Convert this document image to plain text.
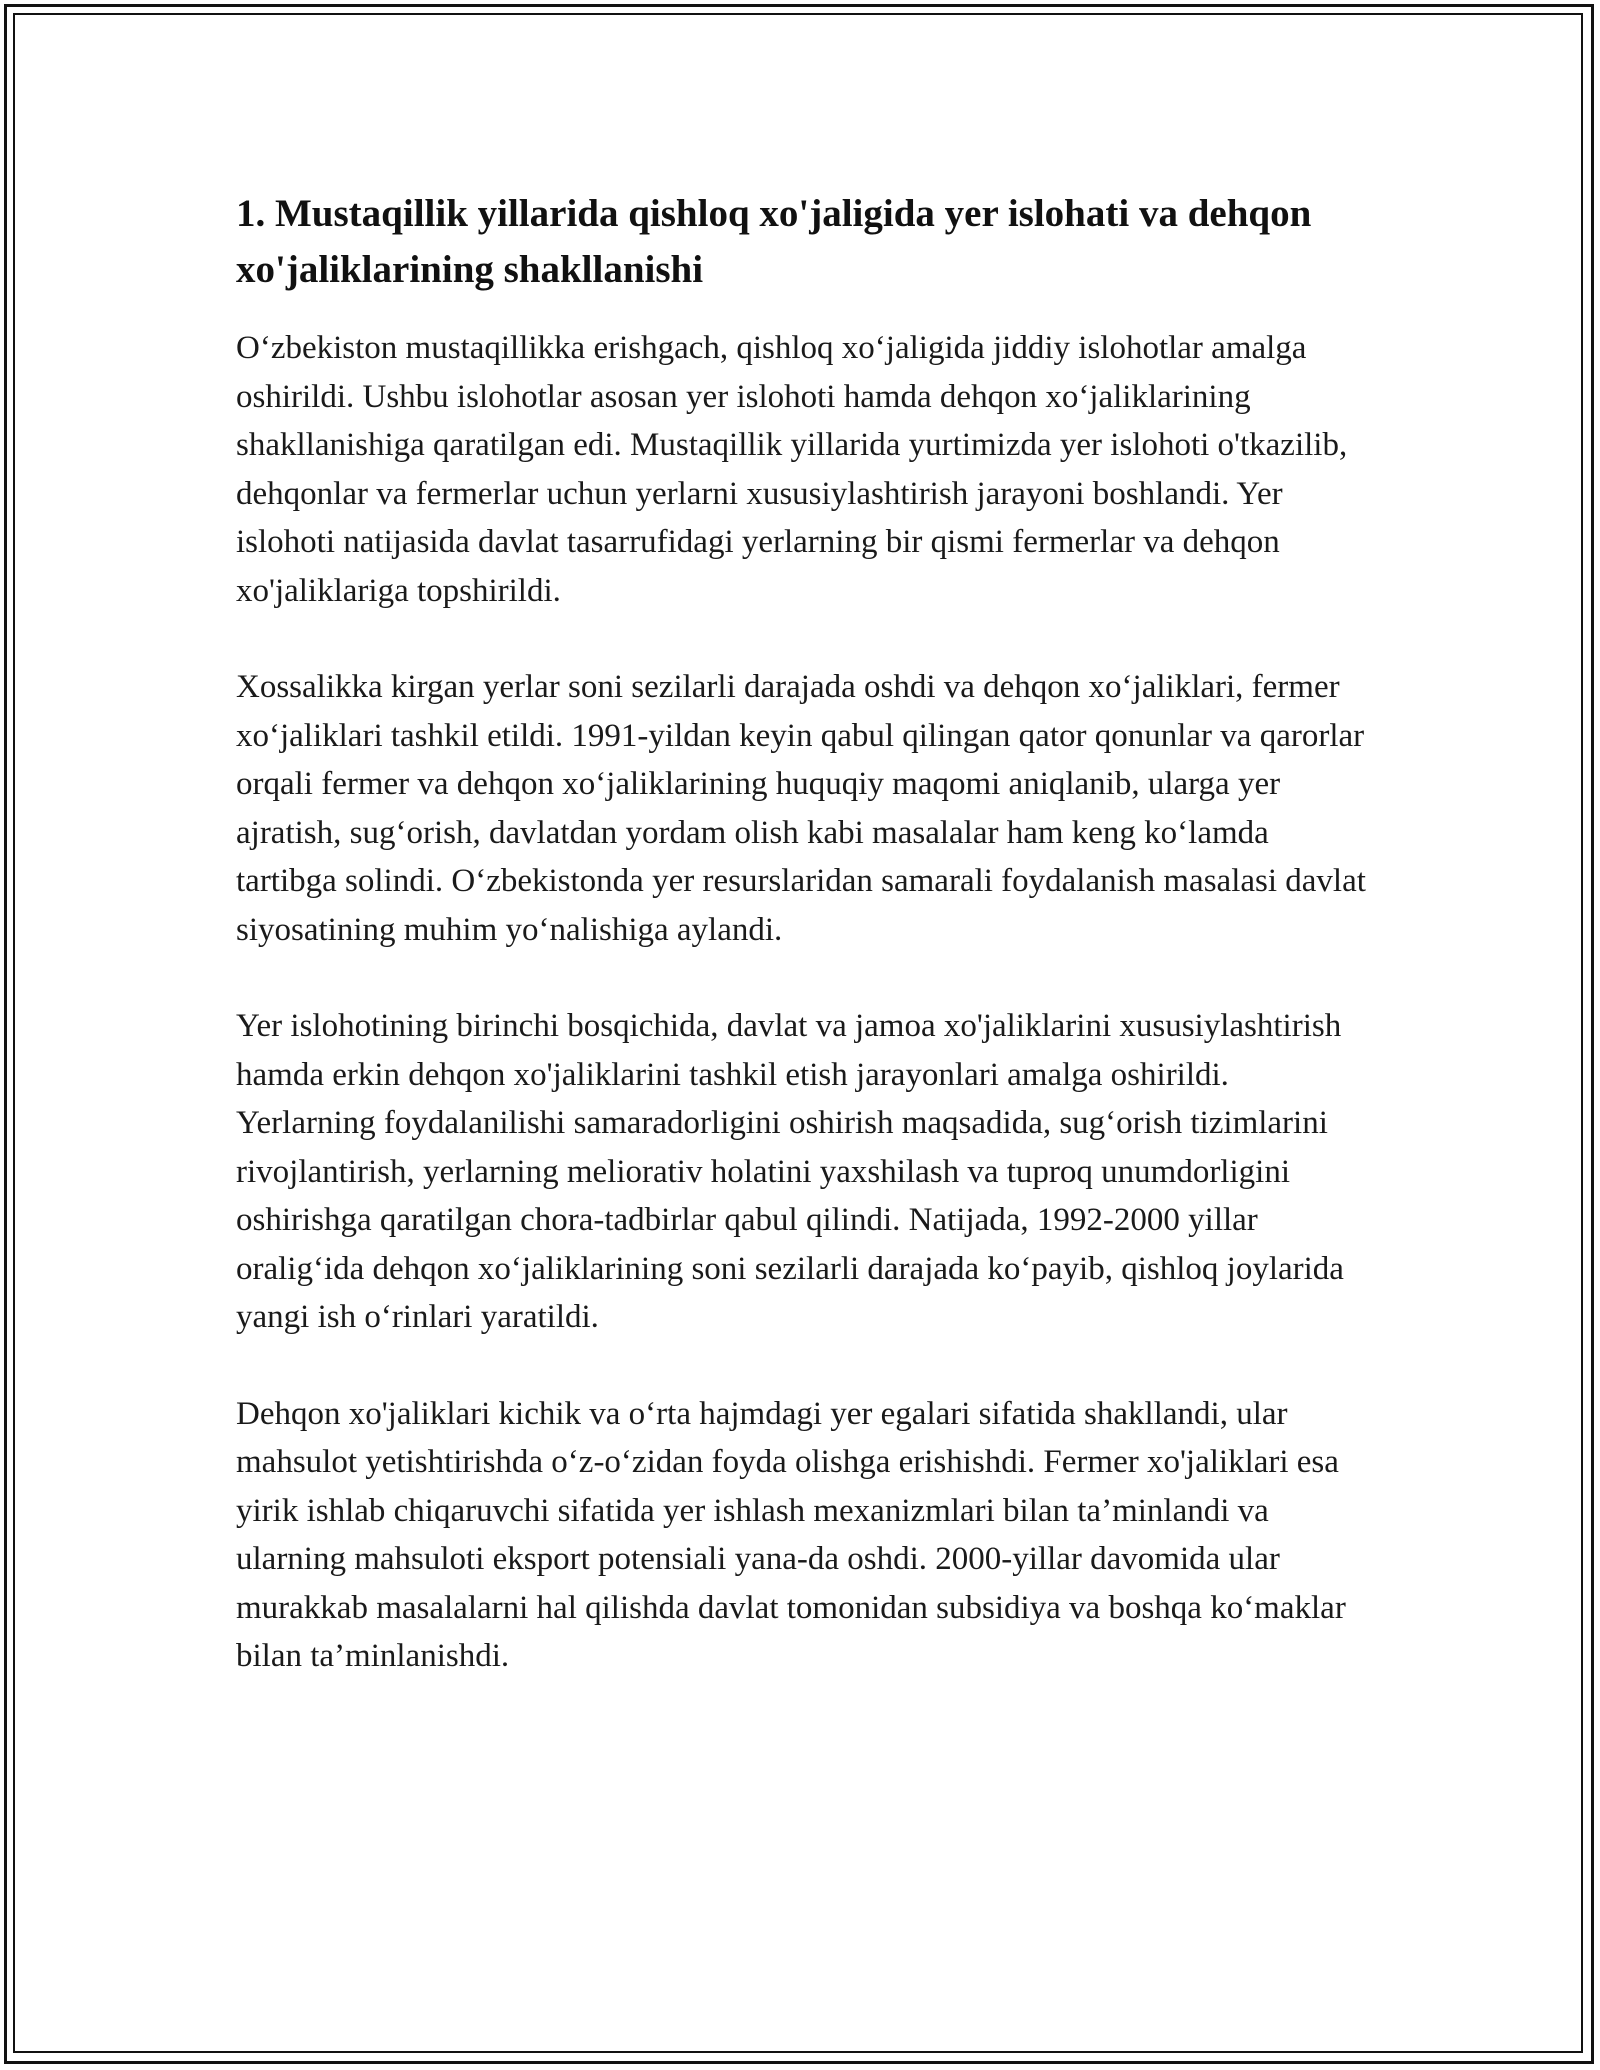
1. Mustaqillik yillarida qishloq xo'jaligida yer islohati va dehqon xo'jaliklarining shakllanishi

O‘zbekiston mustaqillikka erishgach, qishloq xo‘jaligida jiddiy islohotlar amalga oshirildi. Ushbu islohotlar asosan yer islohoti hamda dehqon xo‘jaliklarining shakllanishiga qaratilgan edi. Mustaqillik yillarida yurtimizda yer islohoti o'tkazilib, dehqonlar va fermerlar uchun yerlarni xususiylashtirish jarayoni boshlandi. Yer islohoti natijasida davlat tasarrufidagi yerlarning bir qismi fermerlar va dehqon xo'jaliklariga topshirildi.

Xossalikka kirgan yerlar soni sezilarli darajada oshdi va dehqon xo‘jaliklari, fermer xo‘jaliklari tashkil etildi. 1991-yildan keyin qabul qilingan qator qonunlar va qarorlar orqali fermer va dehqon xo‘jaliklarining huquqiy maqomi aniqlanib, ularga yer ajratish, sug‘orish, davlatdan yordam olish kabi masalalar ham keng ko‘lamda tartibga solindi. O‘zbekistonda yer resurslaridan samarali foydalanish masalasi davlat siyosatining muhim yo‘nalishiga aylandi.

Yer islohotining birinchi bosqichida, davlat va jamoa xo'jaliklarini xususiylashtirish hamda erkin dehqon xo'jaliklarini tashkil etish jarayonlari amalga oshirildi. Yerlarning foydalanilishi samaradorligini oshirish maqsadida, sug‘orish tizimlarini rivojlantirish, yerlarning meliorativ holatini yaxshilash va tuproq unumdorligini oshirishga qaratilgan chora-tadbirlar qabul qilindi. Natijada, 1992-2000 yillar oralig‘ida dehqon xo‘jaliklarining soni sezilarli darajada ko‘payib, qishloq joylarida yangi ish o‘rinlari yaratildi.

Dehqon xo'jaliklari kichik va o‘rta hajmdagi yer egalari sifatida shakllandi, ular mahsulot yetishtirishda o‘z-o‘zidan foyda olishga erishishdi. Fermer xo'jaliklari esa yirik ishlab chiqaruvchi sifatida yer ishlash mexanizmlari bilan ta’minlandi va ularning mahsuloti eksport potensiali yana-da oshdi. 2000-yillar davomida ular murakkab masalalarni hal qilishda davlat tomonidan subsidiya va boshqa ko‘maklar bilan ta’minlanishdi.
